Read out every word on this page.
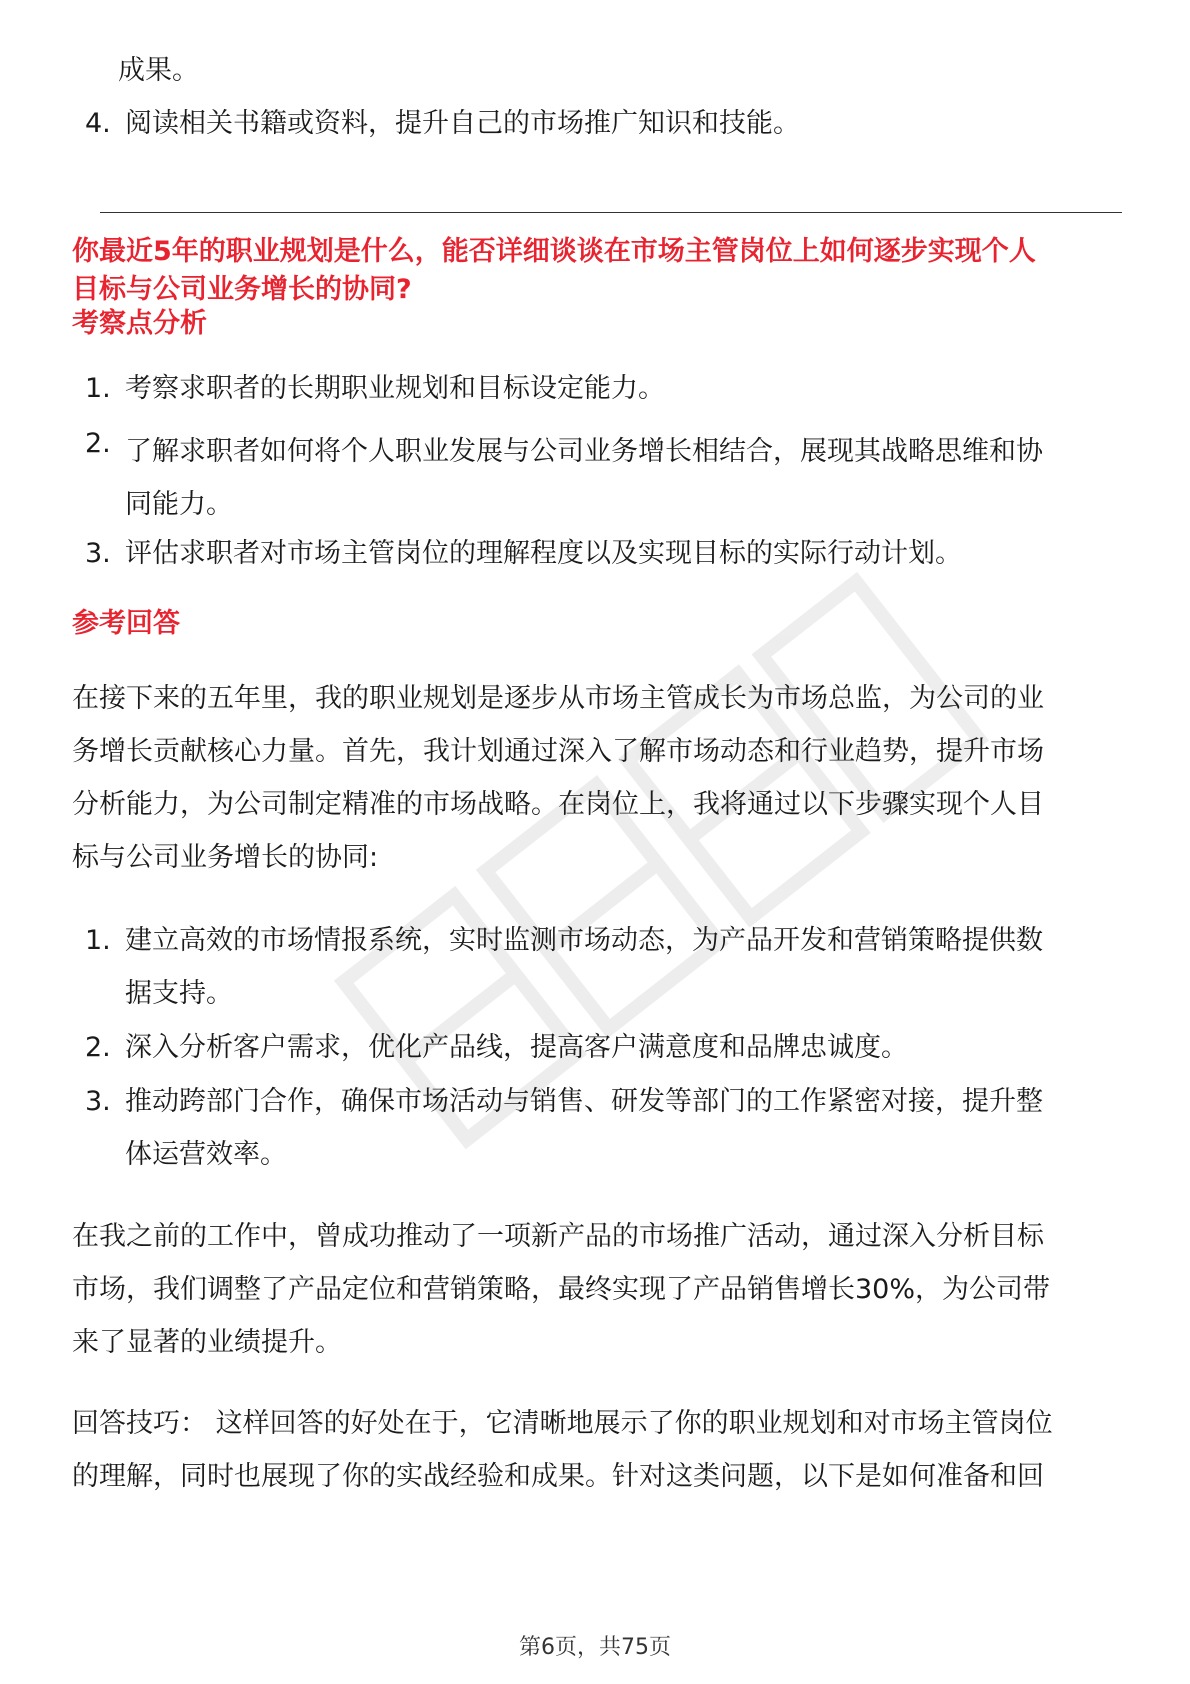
成果。
4. 阅读相关书籍或资料，提升自己的市场推广知识和技能。
你最近5年的职业规划是什么，能否详细谈谈在市场主管岗位上如何逐步实现个人
目标与公司业务增长的协同?
考察点分析
1. 考察求职者的长期职业规划和目标设定能力。
2. 了解求职者如何将个人职业发展与公司业务增长相结合，展现其战略思维和协
同能力。
3. 评估求职者对市场主管岗位的理解程度以及实现目标的实际行动计划。
参考回答
在接下来的五年里，我的职业规划是逐步从市场主管成长为市场总监，为公司的业
务增长贡献核心力量。首先，我计划通过深入了解市场动态和行业趋势，提升市场
分析能力，为公司制定精准的市场战略。在岗位上，我将通过以下步骤实现个人目
标与公司业务增长的协同:
1. 建立高效的市场情报系统，实时监测市场动态，为产品开发和营销策略提供数
据支持。
2. 深入分析客户需求，优化产品线，提高客户满意度和品牌忠诚度。
3. 推动跨部门合作，确保市场活动与销售、研发等部门的工作紧密对接，提升整
体运营效率。
在我之前的工作中，曾成功推动了一项新产品的市场推广活动，通过深入分析目标
市场，我们调整了产品定位和营销策略，最终实现了产品销售增长30%，为公司带
来了显著的业绩提升。
回答技巧： 这样回答的好处在于，它清晰地展示了你的职业规划和对市场主管岗位
的理解，同时也展现了你的实战经验和成果。针对这类问题，以下是如何准备和回
第6页，共75页
